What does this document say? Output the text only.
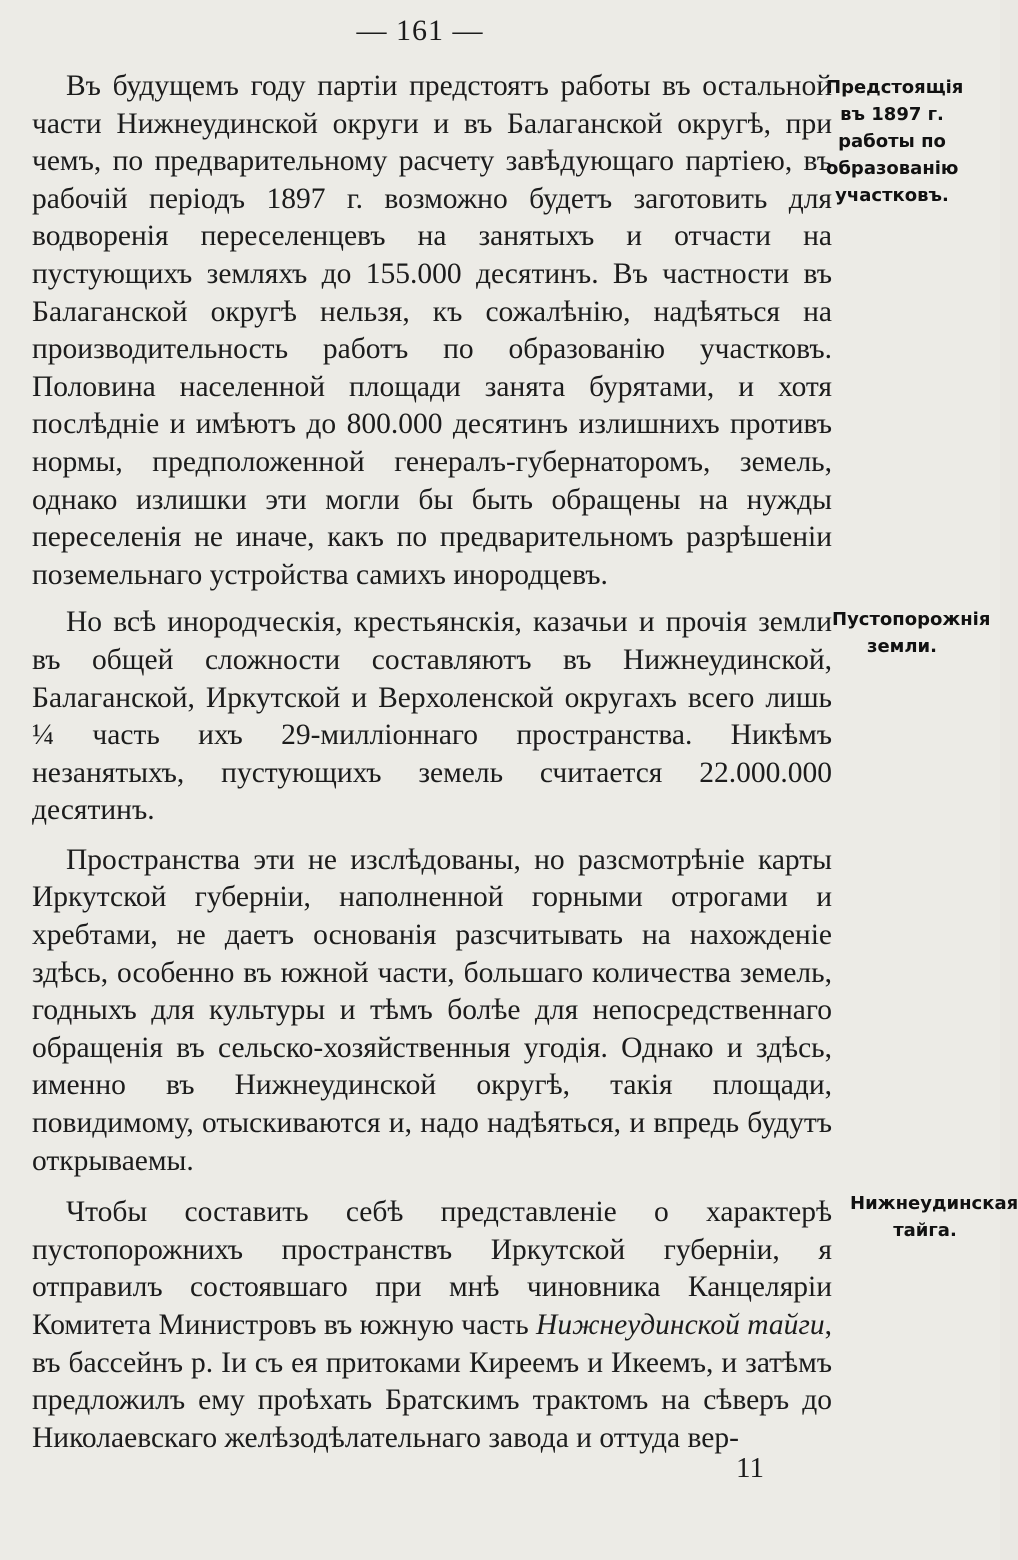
— 161 —

Въ будущемъ году партіи предстоятъ работы въ остальной части Нижнеудинской округи и въ Балаганской округѣ, при чемъ, по предварительному расчету завѣдующаго партіею, въ рабочій періодъ 1897 г. возможно будетъ заготовить для водворенія переселенцевъ на занятыхъ и отчасти на пустующихъ земляхъ до 155.000 десятинъ. Въ частности въ Балаганской округѣ нельзя, къ сожалѣнію, надѣяться на производительность работъ по образованію участковъ. Половина населенной площади занята бурятами, и хотя послѣдніе и имѣютъ до 800.000 десятинъ излишнихъ противъ нормы, предположенной генералъ-губернаторомъ, земель, однако излишки эти могли бы быть обращены на нужды переселенія не иначе, какъ по предварительномъ разрѣшеніи поземельнаго устройства самихъ инородцевъ.

Но всѣ инородческія, крестьянскія, казачьи и прочія земли въ общей сложности составляютъ въ Нижнеудинской, Балаганской, Иркутской и Верхоленской округахъ всего лишь ¼ часть ихъ 29-милліоннаго пространства. Никѣмъ незанятыхъ, пустующихъ земель считается 22.000.000 десятинъ.

Пространства эти не изслѣдованы, но разсмотрѣніе карты Иркутской губерніи, наполненной горными отрогами и хребтами, не даетъ основанія разсчитывать на нахожденіе здѣсь, особенно въ южной части, большаго количества земель, годныхъ для культуры и тѣмъ болѣе для непосредственнаго обращенія въ сельско-хозяйственныя угодія. Однако и здѣсь, именно въ Нижнеудинской округѣ, такія площади, повидимому, отыскиваются и, надо надѣяться, и впредь будутъ открываемы.

Чтобы составить себѣ представленіе о характерѣ пустопорожнихъ пространствъ Иркутской губерніи, я отправилъ состоявшаго при мнѣ чиновника Канцеляріи Комитета Министровъ въ южную часть Нижнеудинской тайги, въ бассейнъ р. Іи съ ея притоками Киреемъ и Икеемъ, и затѣмъ предложилъ ему проѣхать Братскимъ трактомъ на сѣверъ до Николаевскаго желѣзодѣлательнаго завода и оттуда вер-

Предстоящія въ 1897 г. работы по образованію участковъ.
Пустопорожнія земли.
Нижнеудинская тайга.
11
